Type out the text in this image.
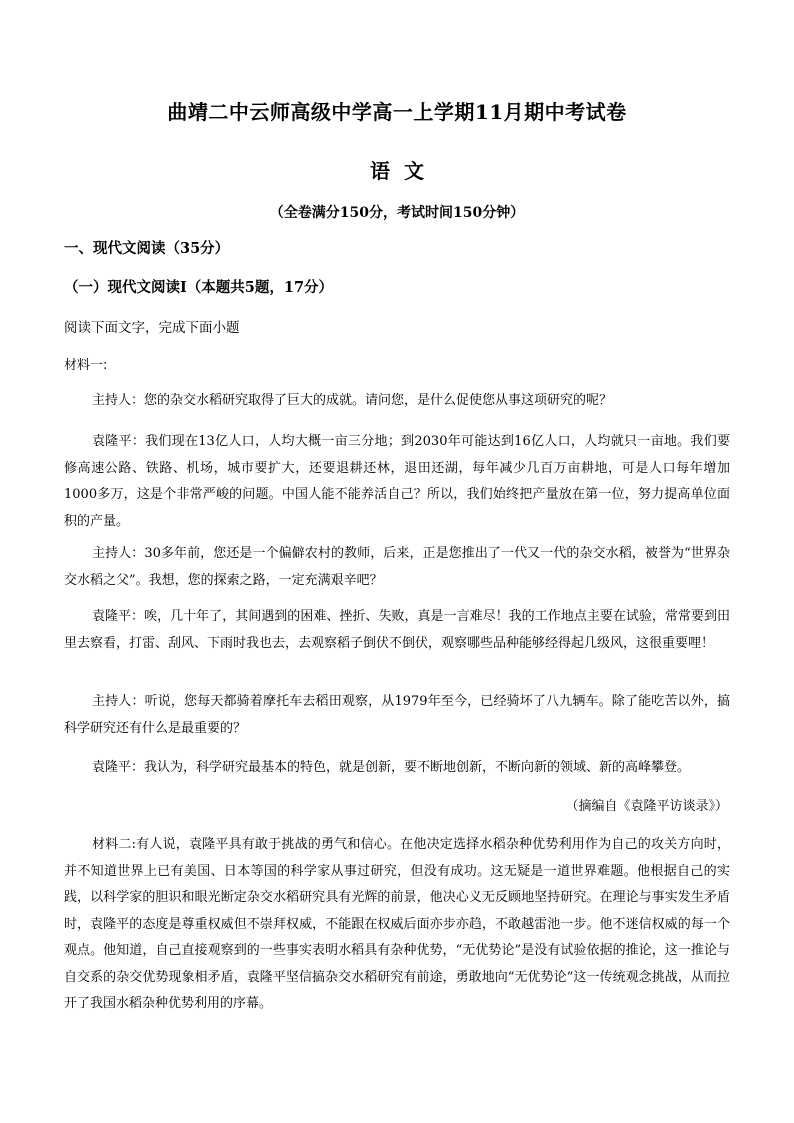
曲靖二中云师高级中学高一上学期11月期中考试卷
语文
（全卷满分150分，考试时间150分钟）
一、现代文阅读（35分）
（一）现代文阅读Ⅰ（本题共5题，17分）
阅读下面文字，完成下面小题
材料一:
主持人：您的杂交水稻研究取得了巨大的成就。请问您，是什么促使您从事这项研究的呢？
袁隆平：我们现在13亿人口，人均大概一亩三分地；到2030年可能达到16亿人口，人均就只一亩地。我们要修高速公路、铁路、机场，城市要扩大，还要退耕还林，退田还湖，每年减少几百万亩耕地，可是人口每年增加1000多万，这是个非常严峻的问题。中国人能不能养活自己？所以，我们始终把产量放在第一位，努力提高单位面积的产量。
主持人：30多年前，您还是一个偏僻农村的教师，后来，正是您推出了一代又一代的杂交水稻，被誉为“世界杂交水稻之父”。我想，您的探索之路，一定充满艰辛吧？
袁隆平：唉，几十年了，其间遇到的困难、挫折、失败，真是一言难尽！我的工作地点主要在试验，常常要到田里去察看，打雷、刮风、下雨时我也去，去观察稻子倒伏不倒伏，观察哪些品种能够经得起几级风，这很重要哩！
主持人：听说，您每天都骑着摩托车去稻田观察，从1979年至今，已经骑坏了八九辆车。除了能吃苦以外，搞科学研究还有什么是最重要的？
袁隆平：我认为，科学研究最基本的特色，就是创新，要不断地创新，不断向新的领域、新的高峰攀登。
（摘编自《袁隆平访谈录》）
材料二:有人说，袁隆平具有敢于挑战的勇气和信心。在他决定选择水稻杂种优势利用作为自己的攻关方向时，并不知道世界上已有美国、日本等国的科学家从事过研究，但没有成功。这无疑是一道世界难题。他根据自己的实践，以科学家的胆识和眼光断定杂交水稻研究具有光辉的前景，他决心义无反顾地坚持研究。在理论与事实发生矛盾时，袁隆平的态度是尊重权威但不崇拜权威，不能跟在权威后面亦步亦趋，不敢越雷池一步。他不迷信权威的每一个观点。他知道，自己直接观察到的一些事实表明水稻具有杂种优势，“无优势论”是没有试验依据的推论，这一推论与自交系的杂交优势现象相矛盾，袁隆平坚信搞杂交水稻研究有前途，勇敢地向“无优势论”这一传统观念挑战，从而拉开了我国水稻杂种优势利用的序幕。
